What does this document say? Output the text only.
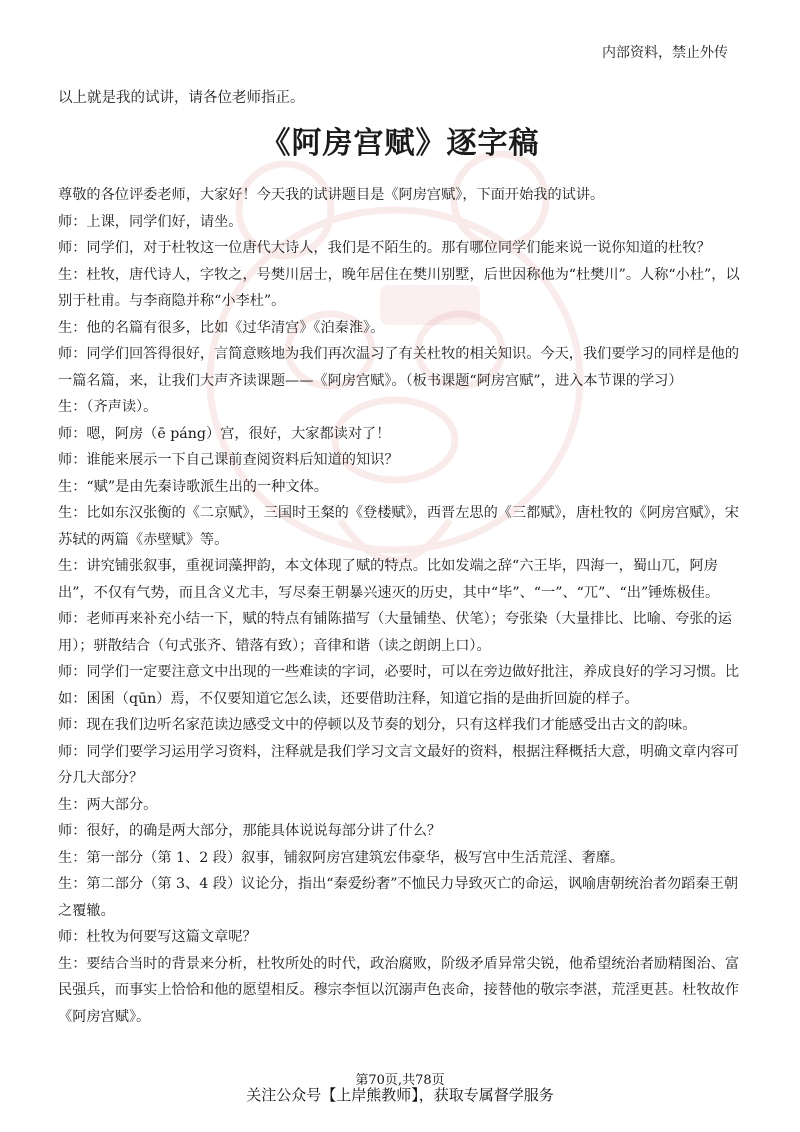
内部资料，禁止外传
以上就是我的试讲，请各位老师指正。
《阿房宫赋》逐字稿

尊敬的各位评委老师，大家好！今天我的试讲题目是《阿房宫赋》，下面开始我的试讲。

师：上课，同学们好，请坐。

师：同学们，对于杜牧这一位唐代大诗人，我们是不陌生的。那有哪位同学们能来说一说你知道的杜牧？

生：杜牧，唐代诗人，字牧之，号樊川居士，晚年居住在樊川别墅，后世因称他为“杜樊川”。人称“小杜”，以别于杜甫。与李商隐并称“小李杜”。

生：他的名篇有很多，比如《过华清宫》《泊秦淮》。

师：同学们回答得很好，言简意赅地为我们再次温习了有关杜牧的相关知识。今天，我们要学习的同样是他的一篇名篇，来，让我们大声齐读课题——《阿房宫赋》。（板书课题“阿房宫赋”，进入本节课的学习）

生：（齐声读）。

师：嗯，阿房（ē páng）宫，很好，大家都读对了！

师：谁能来展示一下自己课前查阅资料后知道的知识？

生：“赋”是由先秦诗歌派生出的一种文体。

生：比如东汉张衡的《二京赋》，三国时王粲的《登楼赋》，西晋左思的《三都赋》，唐杜牧的《阿房宫赋》，宋苏轼的两篇《赤壁赋》等。

生：讲究铺张叙事，重视词藻押韵，本文体现了赋的特点。比如发端之辞“六王毕，四海一，蜀山兀，阿房出”，不仅有气势，而且含义尤丰，写尽秦王朝暴兴速灭的历史，其中“毕”、“一”、“兀”、“出”锤炼极佳。

师：老师再来补充小结一下，赋的特点有铺陈描写（大量铺垫、伏笔）；夸张染（大量排比、比喻、夸张的运用）；骈散结合（句式张齐、错落有致）；音律和谐（读之朗朗上口）。

师：同学们一定要注意文中出现的一些难读的字词，必要时，可以在旁边做好批注，养成良好的学习习惯。比如：囷囷（qūn）焉，不仅要知道它怎么读，还要借助注释，知道它指的是曲折回旋的样子。

师：现在我们边听名家范读边感受文中的停顿以及节奏的划分，只有这样我们才能感受出古文的韵味。

师：同学们要学习运用学习资料，注释就是我们学习文言文最好的资料，根据注释概括大意，明确文章内容可分几大部分？

生：两大部分。

师：很好，的确是两大部分，那能具体说说每部分讲了什么？

生：第一部分（第 1、2 段）叙事，铺叙阿房宫建筑宏伟豪华，极写宫中生活荒淫、奢靡。

生：第二部分（第 3、4 段）议论分，指出“秦爱纷奢”不恤民力导致灭亡的命运，讽喻唐朝统治者勿蹈秦王朝之覆辙。

师：杜牧为何要写这篇文章呢？

生：要结合当时的背景来分析，杜牧所处的时代，政治腐败，阶级矛盾异常尖锐，他希望统治者励精图治、富民强兵，而事实上恰恰和他的愿望相反。穆宗李恒以沉溺声色丧命，接替他的敬宗李湛，荒淫更甚。杜牧故作《阿房宫赋》。

第70页,共78页
关注公众号【上岸熊教师】，获取专属督学服务
